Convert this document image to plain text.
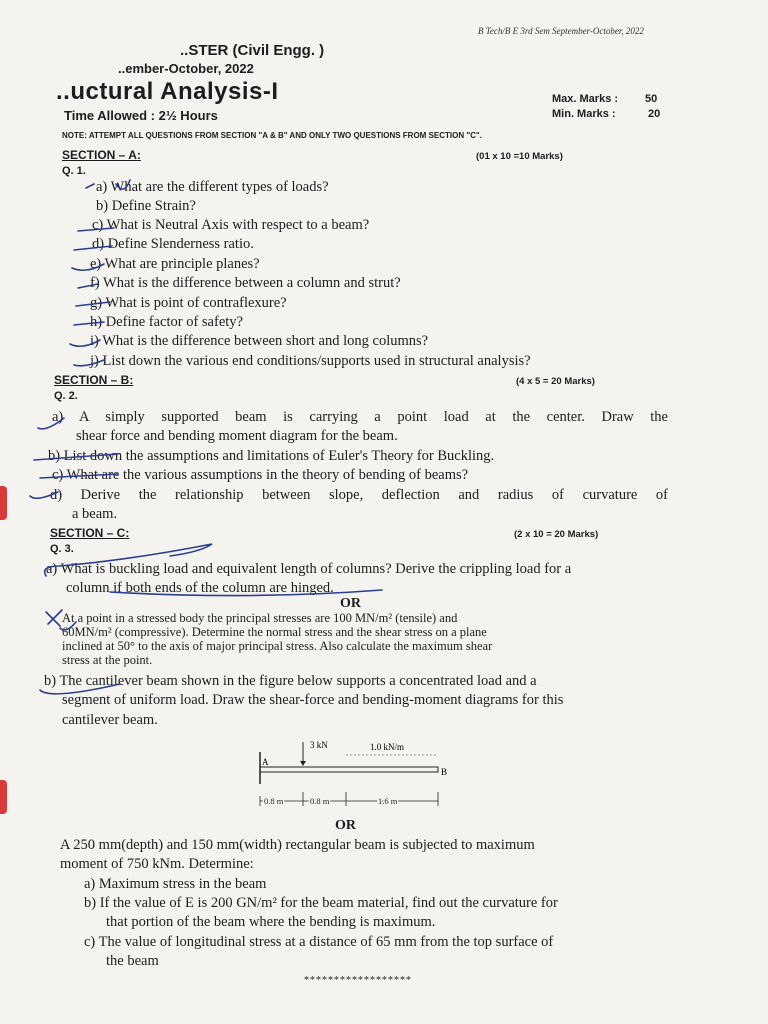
B Tech/B E 3rd Sem September-October, 2022
..STER (Civil Engg. )
..ember-October, 2022
..uctural Analysis-I	Max. Marks : 50
Min. Marks :	20
Time Allowed : 2½ Hours
NOTE: ATTEMPT ALL QUESTIONS FROM SECTION "A & B" AND ONLY TWO QUESTIONS FROM SECTION "C".
SECTION – A:	(01 x 10 =10 Marks)
Q. 1.
a) What are the different types of loads?
b) Define Strain?
c) What is Neutral Axis with respect to a beam?
d) Define Slenderness ratio.
e) What are principle planes?
f) What is the difference between a column and strut?
g) What is point of contraflexure?
h) Define factor of safety?
i) What is the difference between short and long columns?
j) List down the various end conditions/supports used in structural analysis?
SECTION – B:	(4 x 5 = 20 Marks)
Q. 2.
a) A simply supported beam is carrying a point load at the center. Draw the
shear force and bending moment diagram for the beam.
b) List down the assumptions and limitations of Euler's Theory for Buckling.
c) What are the various assumptions in the theory of bending of beams?
d) Derive the relationship between slope, deflection and radius of curvature of
a beam.
SECTION – C:	(2 x 10 = 20 Marks)
Q. 3.
a) What is buckling load and equivalent length of columns? Derive the crippling load for a
column if both ends of the column are hinged.
OR
At a point in a stressed body the principal stresses are 100 MN/m² (tensile) and
60MN/m² (compressive). Determine the normal stress and the shear stress on a plane
inclined at 50° to the axis of major principal stress. Also calculate the maximum shear
stress at the point.
b) The cantilever beam shown in the figure below supports a concentrated load and a
segment of uniform load. Draw the shear-force and bending-moment diagrams for this
cantilever beam.
3 kN	1.0 kN/m
A
B
0.8 m	0.8 m	1.6 m
OR
A 250 mm(depth) and 150 mm(width) rectangular beam is subjected to maximum
moment of 750 kNm. Determine:
a) Maximum stress in the beam
b) If the value of E is 200 GN/m² for the beam material, find out the curvature for
that portion of the beam where the bending is maximum.
c) The value of longitudinal stress at a distance of 65 mm from the top surface of
the beam
******************
